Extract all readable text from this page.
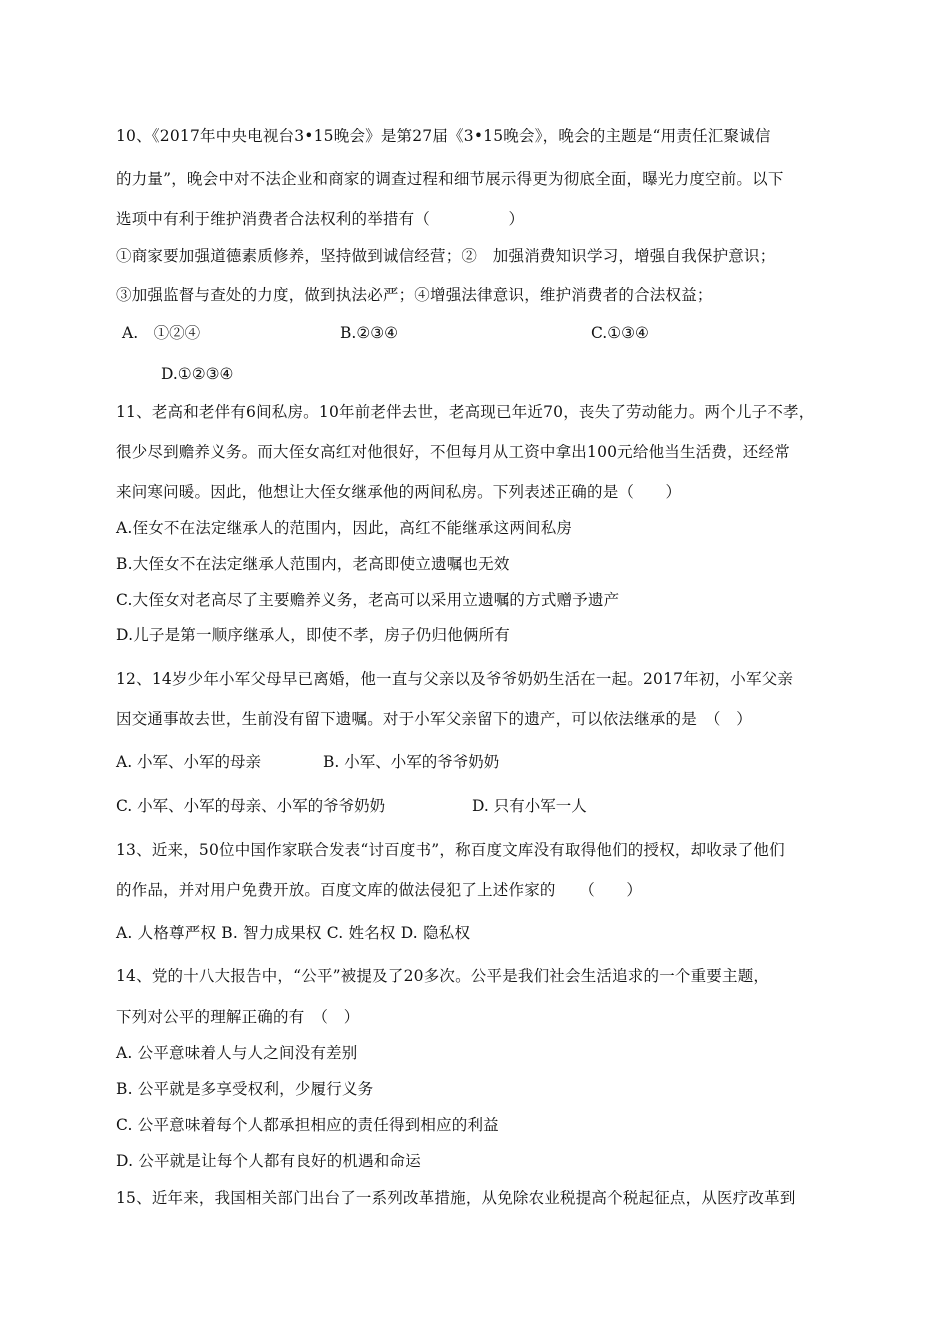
10、《2017年中央电视台3•15晚会》是第27届《3•15晚会》，晚会的主题是“用责任汇聚诚信
的力量”，晚会中对不法企业和商家的调查过程和细节展示得更为彻底全面，曝光力度空前。以下
选项中有利于维护消费者合法权利的举措有（　　　　　）
①商家要加强道德素质修养，坚持做到诚信经营；②　加强消费知识学习，增强自我保护意识；
③加强监督与查处的力度，做到执法必严；④增强法律意识，维护消费者的合法权益；
A.　①②④	B.②③④	C.①③④
D.①②③④
11、老高和老伴有6间私房。10年前老伴去世，老高现已年近70，丧失了劳动能力。两个儿子不孝，
很少尽到赡养义务。而大侄女高红对他很好，不但每月从工资中拿出100元给他当生活费，还经常
来问寒问暖。因此，他想让大侄女继承他的两间私房。下列表述正确的是（　　）
A.侄女不在法定继承人的范围内，因此，高红不能继承这两间私房
B.大侄女不在法定继承人范围内，老高即使立遗嘱也无效
C.大侄女对老高尽了主要赡养义务，老高可以采用立遗嘱的方式赠予遗产
D.儿子是第一顺序继承人，即使不孝，房子仍归他俩所有
12、14岁少年小军父母早已离婚，他一直与父亲以及爷爷奶奶生活在一起。2017年初，小军父亲
因交通事故去世，生前没有留下遗嘱。对于小军父亲留下的遗产，可以依法继承的是　（　）
A. 小军、小军的母亲	B. 小军、小军的爷爷奶奶
C. 小军、小军的母亲、小军的爷爷奶奶	D. 只有小军一人
13、近来，50位中国作家联合发表“讨百度书”，称百度文库没有取得他们的授权，却收录了他们
的作品，并对用户免费开放。百度文库的做法侵犯了上述作家的　　（　　）
A. 人格尊严权 B. 智力成果权 C. 姓名权 D. 隐私权
14、党的十八大报告中，“公平”被提及了20多次。公平是我们社会生活追求的一个重要主题，
下列对公平的理解正确的有　（　）
A. 公平意味着人与人之间没有差别
B. 公平就是多享受权利，少履行义务
C. 公平意味着每个人都承担相应的责任得到相应的利益
D. 公平就是让每个人都有良好的机遇和命运
15、近年来，我国相关部门出台了一系列改革措施，从免除农业税提高个税起征点，从医疗改革到
